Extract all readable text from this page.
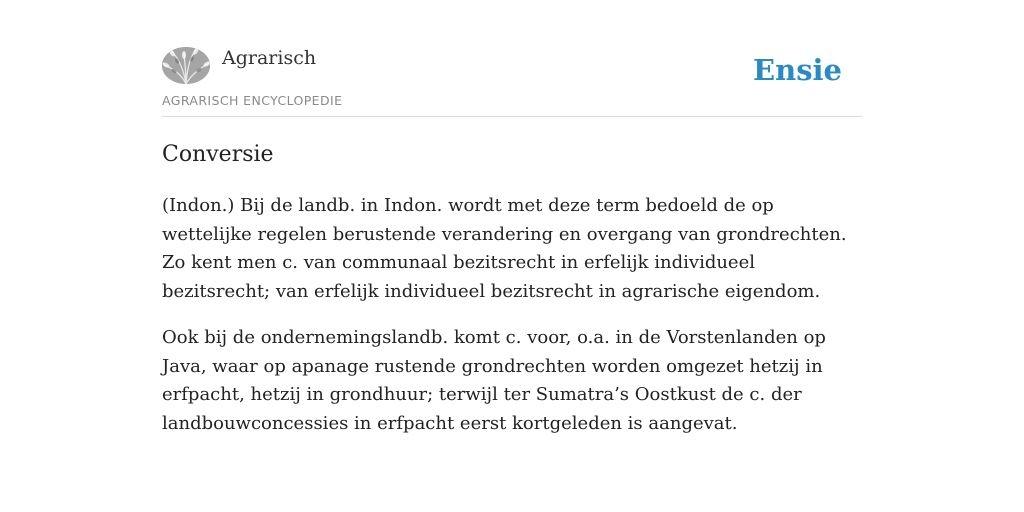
Agrarisch
AGRARISCH ENCYCLOPEDIE
Ensie
Conversie

(Indon.) Bij de landb. in Indon. wordt met deze term bedoeld de op wettelijke regelen berustende verandering en overgang van grondrechten. Zo kent men c. van communaal bezitsrecht in erfelijk individueel bezitsrecht; van erfelijk individueel bezitsrecht in agrarische eigendom.

Ook bij de ondernemingslandb. komt c. voor, o.a. in de Vorstenlanden op Java, waar op apanage rustende grondrechten worden omgezet hetzij in erfpacht, hetzij in grondhuur; terwijl ter Sumatra’s Oostkust de c. der landbouwconcessies in erfpacht eerst kortgeleden is aangevat.
